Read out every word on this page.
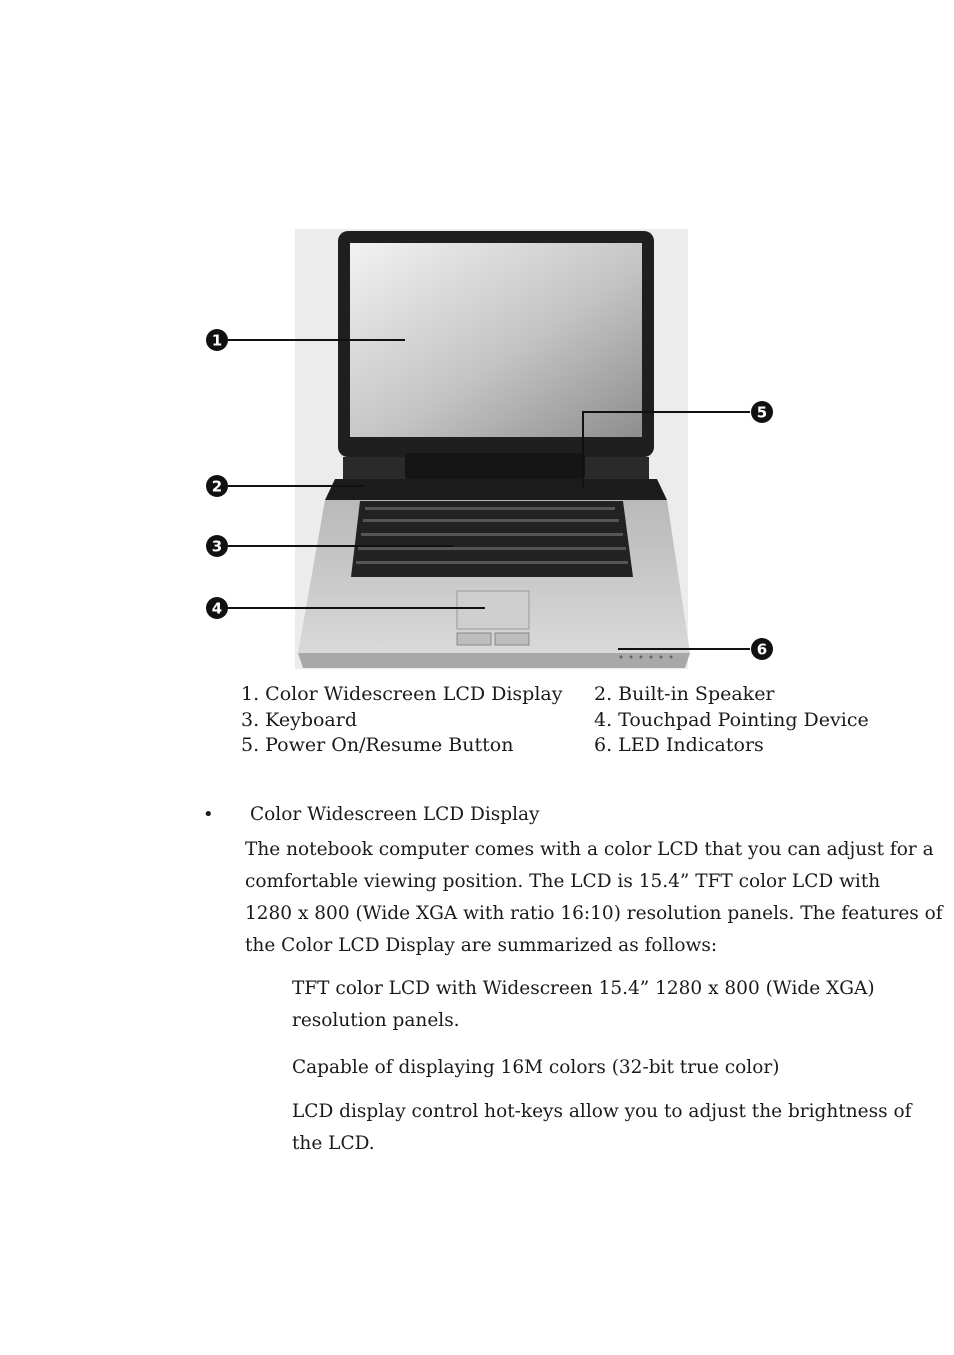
1
2
3
4
5
6
1. Color Widescreen LCD Display 2. Built-in Speaker
3. Keyboard	4. Touchpad Pointing Device
5. Power On/Resume Button	6. LED Indicators
• Color Widescreen LCD Display
The notebook computer comes with a color LCD that you can adjust for a
comfortable viewing position. The LCD is 15.4” TFT color LCD with
1280 x 800 (Wide XGA with ratio 16:10) resolution panels. The features of
the Color LCD Display are summarized as follows:
TFT color LCD with Widescreen 15.4” 1280 x 800 (Wide XGA)
resolution panels.
Capable of displaying 16M colors (32-bit true color)
LCD display control hot-keys allow you to adjust the brightness of
the LCD.
